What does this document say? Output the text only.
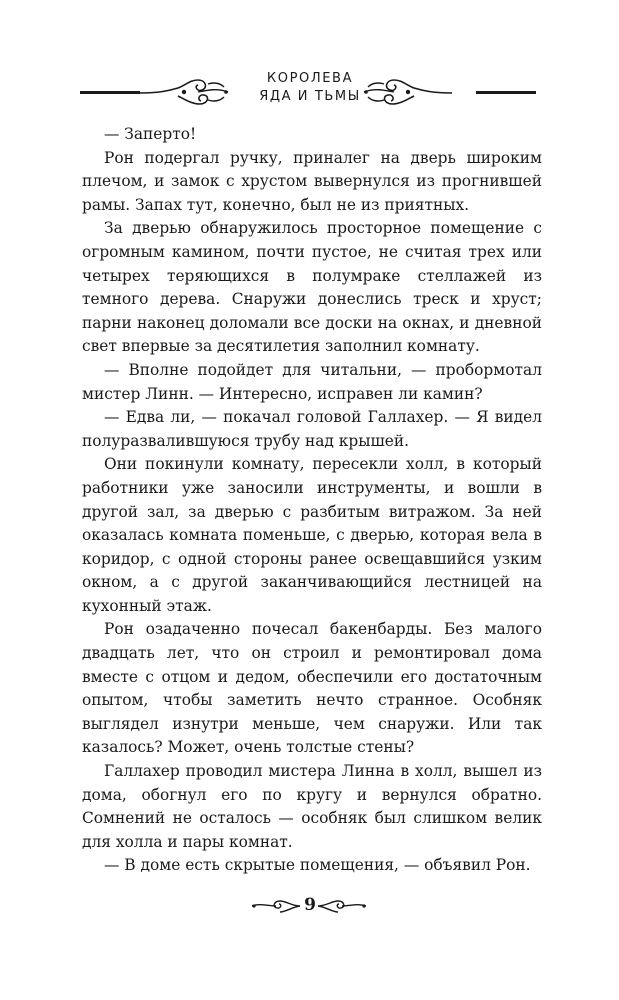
КОРОЛЕВА
ЯДА И ТЬМЫ

— Заперто!

Рон подергал ручку, приналег на дверь широким плечом, и замок с хрустом вывернулся из прогнившей рамы. Запах тут, конечно, был не из приятных.

За дверью обнаружилось просторное помещение с огромным камином, почти пустое, не считая трех или четырех теряющихся в полумраке стеллажей из темного дерева. Снаружи донеслись треск и хруст; парни наконец доломали все доски на окнах, и дневной свет впервые за десятилетия заполнил комнату.

— Вполне подойдет для читальни, — пробормотал мистер Линн. — Интересно, исправен ли камин?

— Едва ли, — покачал головой Галлахер. — Я видел полуразвалившуюся трубу над крышей.

Они покинули комнату, пересекли холл, в который работники уже заносили инструменты, и вошли в другой зал, за дверью с разбитым витражом. За ней оказалась комната поменьше, с дверью, которая вела в коридор, с одной стороны ранее освещавшийся узким окном, а с другой заканчивающийся лестницей на кухонный этаж.

Рон озадаченно почесал бакенбарды. Без малого двадцать лет, что он строил и ремонтировал дома вместе с отцом и дедом, обеспечили его достаточным опытом, чтобы заметить нечто странное. Особняк выглядел изнутри меньше, чем снаружи. Или так казалось? Может, очень толстые стены?

Галлахер проводил мистера Линна в холл, вышел из дома, обогнул его по кругу и вернулся обратно. Сомнений не осталось — особняк был слишком велик для холла и пары комнат.

— В доме есть скрытые помещения, — объявил Рон.

9
